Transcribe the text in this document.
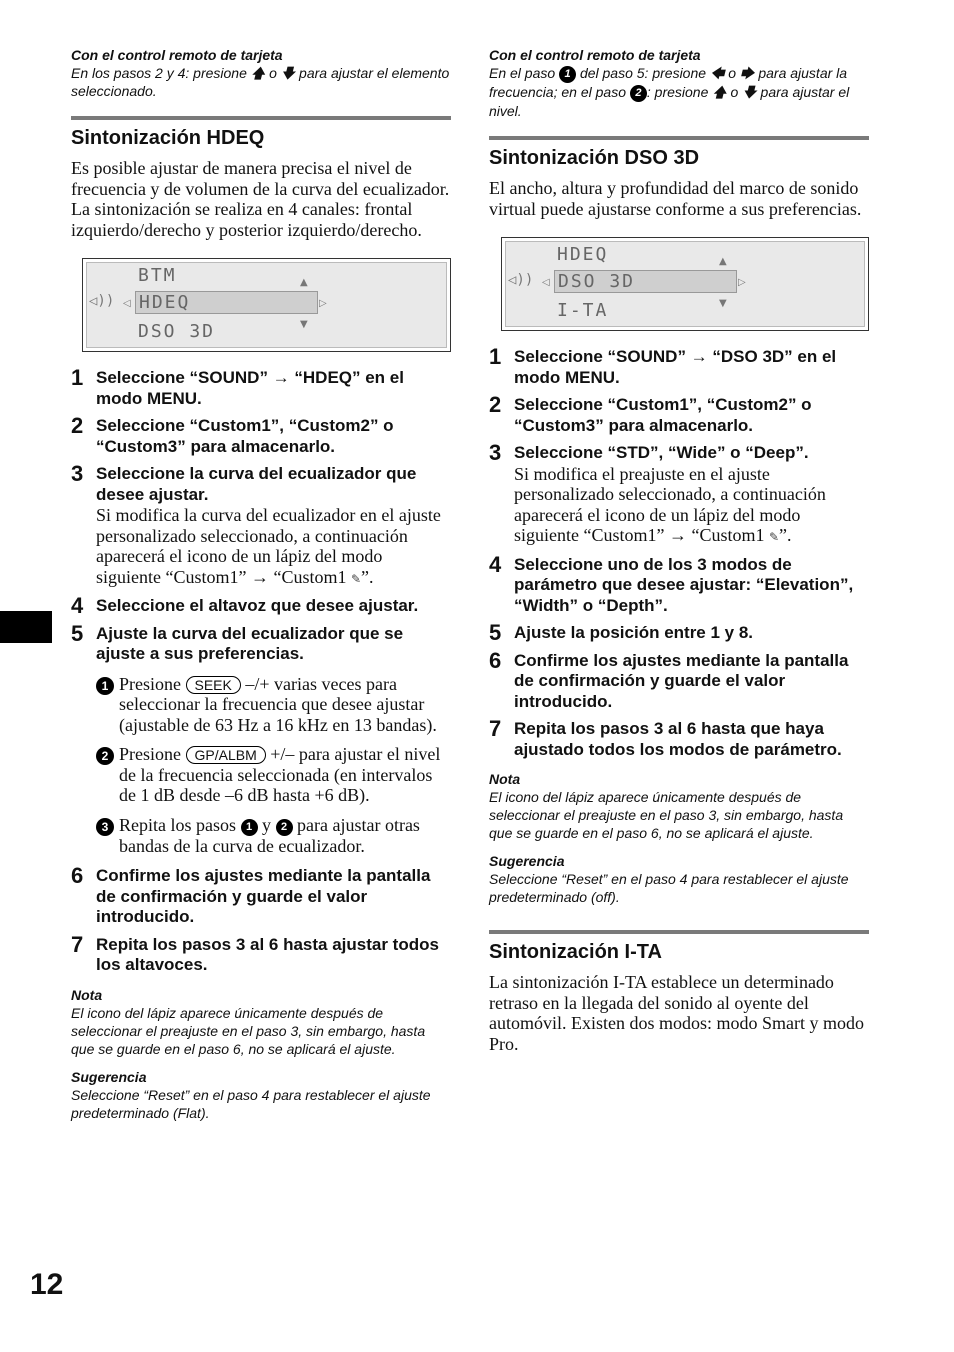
Con el control remoto de tarjeta
En los pasos 2 y 4: presione 🡅 o 🡇 para ajustar el elemento seleccionado.
Sintonización HDEQ
Es posible ajustar de manera precisa el nivel de frecuencia y de volumen de la curva del ecualizador. La sintonización se realiza en 4 canales: frontal izquierdo/derecho y posterior izquierdo/derecho.
◁))
▲
BTM
HDEQ
◁	▷
DSO 3D	▼
1 Seleccione “SOUND” → “HDEQ” en el modo MENU.
2 Seleccione “Custom1”, “Custom2” o “Custom3” para almacenarlo.
3 Seleccione la curva del ecualizador que desee ajustar.
Si modifica la curva del ecualizador en el ajuste personalizado seleccionado, a continuación aparecerá el icono de un lápiz del modo siguiente “Custom1” → “Custom1 ✎”.
4 Seleccione el altavoz que desee ajustar.
5 Ajuste la curva del ecualizador que se ajuste a sus preferencias.
1 Presione SEEK –/+ varias veces para seleccionar la frecuencia que desee ajustar (ajustable de 63 Hz a 16 kHz en 13 bandas).
2 Presione GP/ALBM +/– para ajustar el nivel de la frecuencia seleccionada (en intervalos de 1 dB desde –6 dB hasta +6 dB).
3 Repita los pasos 1 y 2 para ajustar otras bandas de la curva de ecualizador.
6 Confirme los ajustes mediante la pantalla de confirmación y guarde el valor introducido.
7 Repita los pasos 3 al 6 hasta ajustar todos los altavoces.
Nota
El icono del lápiz aparece únicamente después de seleccionar el preajuste en el paso 3, sin embargo, hasta que se guarde en el paso 6, no se aplicará el ajuste.
Sugerencia
Seleccione “Reset” en el paso 4 para restablecer el ajuste predeterminado (Flat).
Con el control remoto de tarjeta
En el paso 1 del paso 5: presione 🡄 o 🡆 para ajustar la frecuencia; en el paso 2 : presione 🡅 o 🡇 para ajustar el nivel.
Sintonización DSO 3D
El ancho, altura y profundidad del marco de sonido virtual puede ajustarse conforme a sus preferencias.
◁))
▲
HDEQ
DSO 3D
◁	▷
I-TA	▼
1 Seleccione “SOUND” → “DSO 3D” en el modo MENU.
2 Seleccione “Custom1”, “Custom2” o “Custom3” para almacenarlo.
3 Seleccione “STD”, “Wide” o “Deep”.
Si modifica el preajuste en el ajuste personalizado seleccionado, a continuación aparecerá el icono de un lápiz del modo siguiente “Custom1” → “Custom1 ✎”.
4 Seleccione uno de los 3 modos de parámetro que desee ajustar: “Elevation”, “Width” o “Depth”.
5 Ajuste la posición entre 1 y 8.
6 Confirme los ajustes mediante la pantalla de confirmación y guarde el valor introducido.
7 Repita los pasos 3 al 6 hasta que haya ajustado todos los modos de parámetro.
Nota
El icono del lápiz aparece únicamente después de seleccionar el preajuste en el paso 3, sin embargo, hasta que se guarde en el paso 6, no se aplicará el ajuste.
Sugerencia
Seleccione “Reset” en el paso 4 para restablecer el ajuste predeterminado (off).
Sintonización I-TA
La sintonización I-TA establece un determinado retraso en la llegada del sonido al oyente del automóvil. Existen dos modos: modo Smart y modo Pro.
12
